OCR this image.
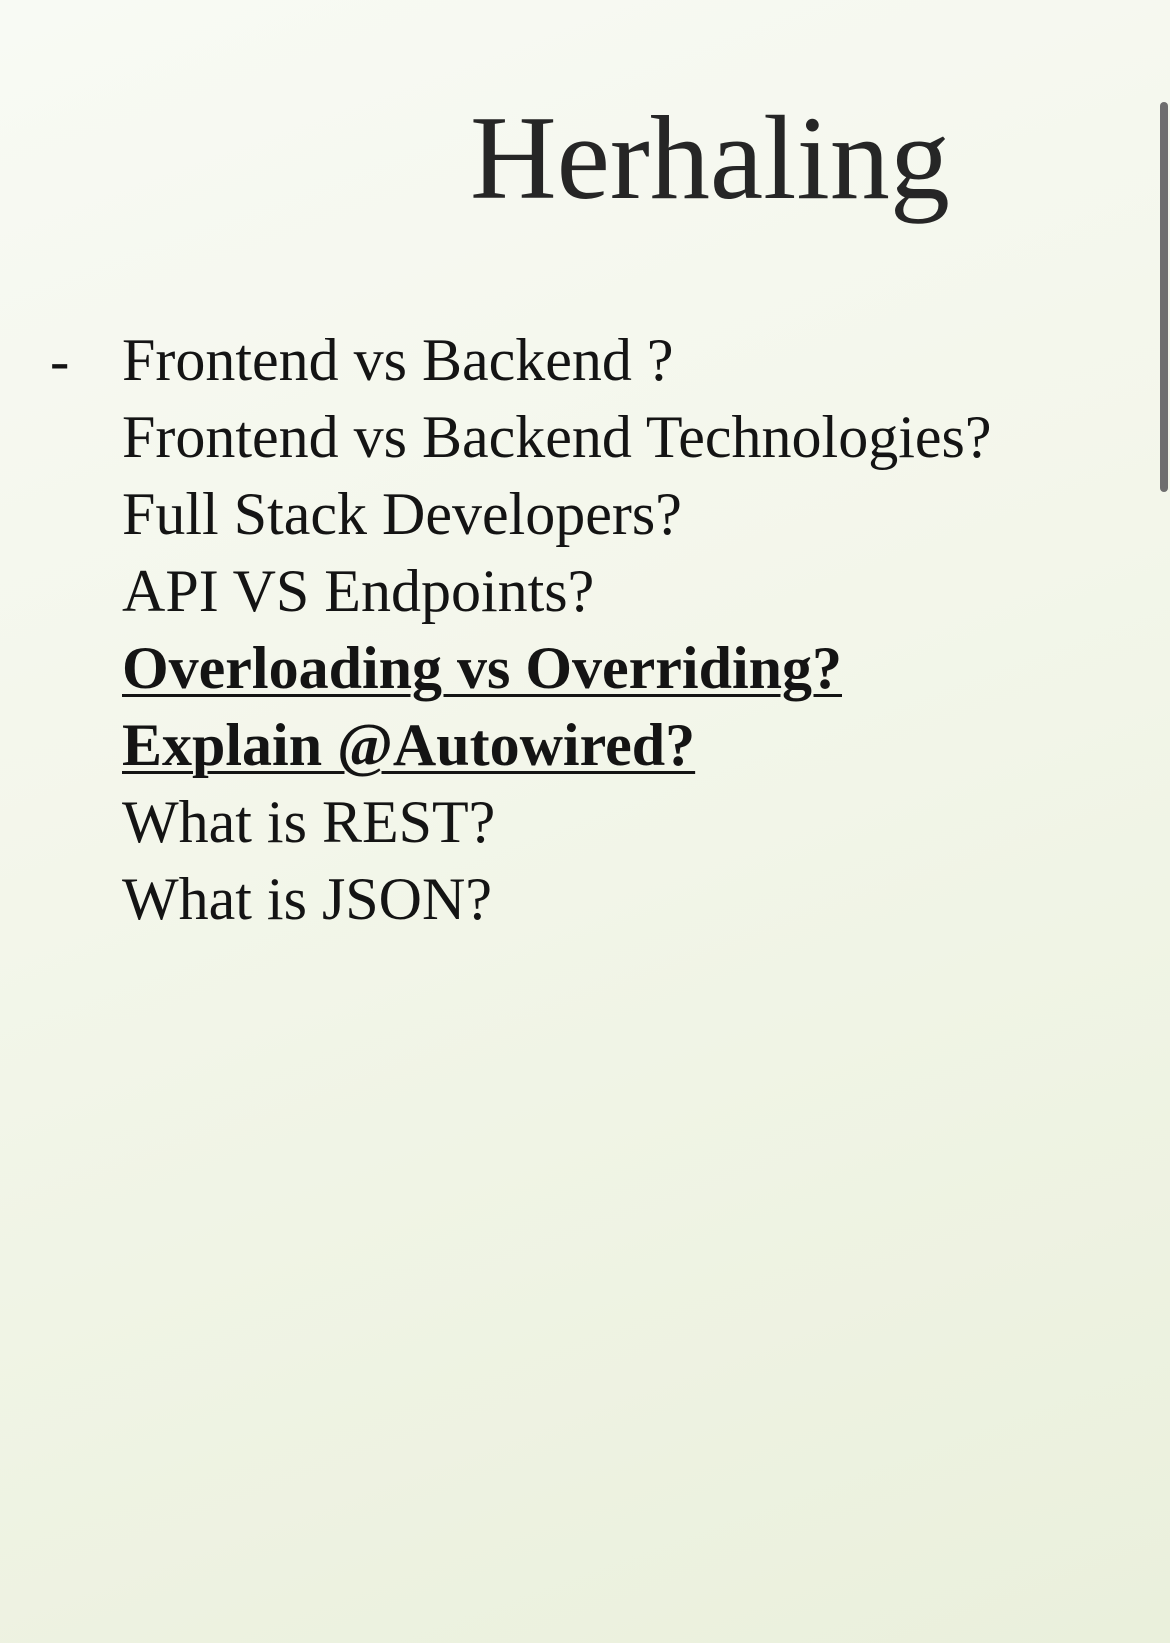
Herhaling
- Frontend vs Backend ?
Frontend vs Backend Technologies?
Full Stack Developers?
API VS Endpoints?
Overloading vs Overriding?
Explain @Autowired?
What is REST?
What is JSON?
